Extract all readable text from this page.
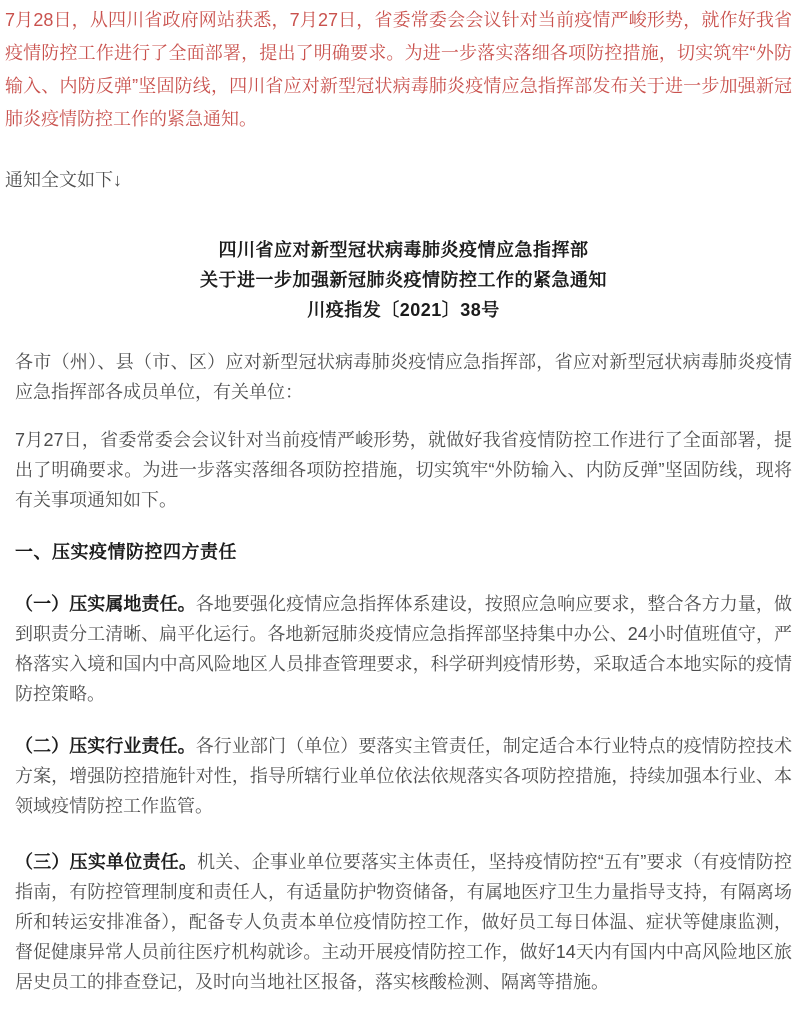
7月28日，从四川省政府网站获悉，7月27日，省委常委会会议针对当前疫情严峻形势，就作好我省疫情防控工作进行了全面部署，提出了明确要求。为进一步落实落细各项防控措施，切实筑牢“外防输入、内防反弹”坚固防线，四川省应对新型冠状病毒肺炎疫情应急指挥部发布关于进一步加强新冠肺炎疫情防控工作的紧急通知。

通知全文如下↓

四川省应对新型冠状病毒肺炎疫情应急指挥部
关于进一步加强新冠肺炎疫情防控工作的紧急通知
川疫指发〔2021〕38号

各市（州）、县（市、区）应对新型冠状病毒肺炎疫情应急指挥部，省应对新型冠状病毒肺炎疫情应急指挥部各成员单位，有关单位：

7月27日，省委常委会会议针对当前疫情严峻形势，就做好我省疫情防控工作进行了全面部署，提出了明确要求。为进一步落实落细各项防控措施，切实筑牢“外防输入、内防反弹”坚固防线，现将有关事项通知如下。

一、压实疫情防控四方责任

（一）压实属地责任。各地要强化疫情应急指挥体系建设，按照应急响应要求，整合各方力量，做到职责分工清晰、扁平化运行。各地新冠肺炎疫情应急指挥部坚持集中办公、24小时值班值守，严格落实入境和国内中高风险地区人员排查管理要求，科学研判疫情形势，采取适合本地实际的疫情防控策略。

（二）压实行业责任。各行业部门（单位）要落实主管责任，制定适合本行业特点的疫情防控技术方案，增强防控措施针对性，指导所辖行业单位依法依规落实各项防控措施，持续加强本行业、本领域疫情防控工作监管。

（三）压实单位责任。机关、企事业单位要落实主体责任，坚持疫情防控“五有”要求（有疫情防控指南，有防控管理制度和责任人，有适量防护物资储备，有属地医疗卫生力量指导支持，有隔离场所和转运安排准备），配备专人负责本单位疫情防控工作，做好员工每日体温、症状等健康监测，督促健康异常人员前往医疗机构就诊。主动开展疫情防控工作，做好14天内有国内中高风险地区旅居史员工的排查登记，及时向当地社区报备，落实核酸检测、隔离等措施。
